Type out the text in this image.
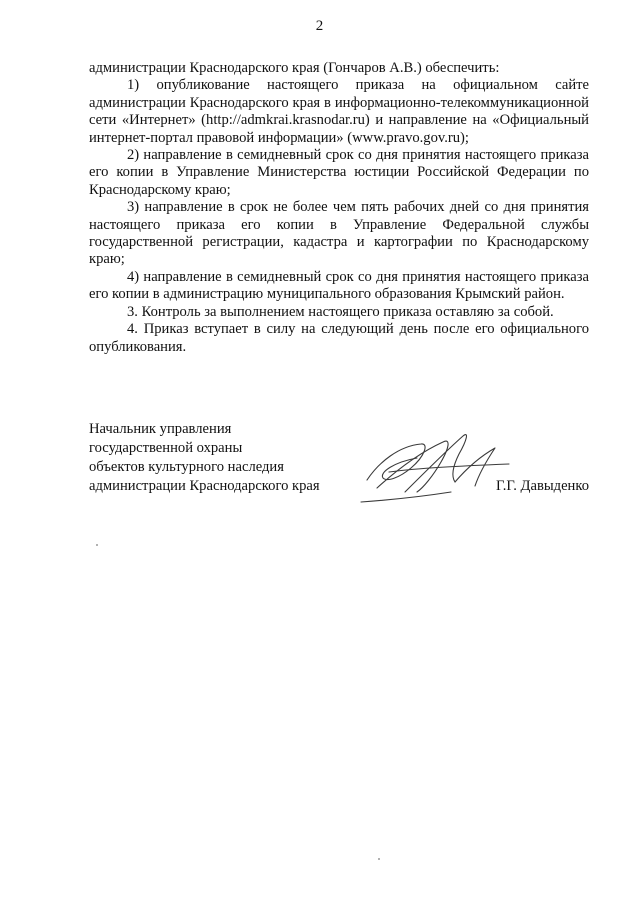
2

администрации Краснодарского края (Гончаров А.В.) обеспечить:

1) опубликование настоящего приказа на официальном сайте администрации Краснодарского края в информационно-телекоммуникационной сети «Интернет» (http://admkrai.krasnodar.ru) и направление на «Официальный интернет-портал правовой информации» (www.pravo.gov.ru);

2) направление в семидневный срок со дня принятия настоящего приказа его копии в Управление Министерства юстиции Российской Федерации по Краснодарскому краю;

3) направление в срок не более чем пять рабочих дней со дня принятия настоящего приказа его копии в Управление Федеральной службы государственной регистрации, кадастра и картографии по Краснодарскому краю;

4) направление в семидневный срок со дня принятия настоящего приказа его копии в администрацию муниципального образования Крымский район.

3. Контроль за выполнением настоящего приказа оставляю за собой.

4. Приказ вступает в силу на следующий день после его официального опубликования.

Начальник управления
государственной охраны
объектов культурного наследия
администрации Краснодарского края	Г.Г. Давыденко
